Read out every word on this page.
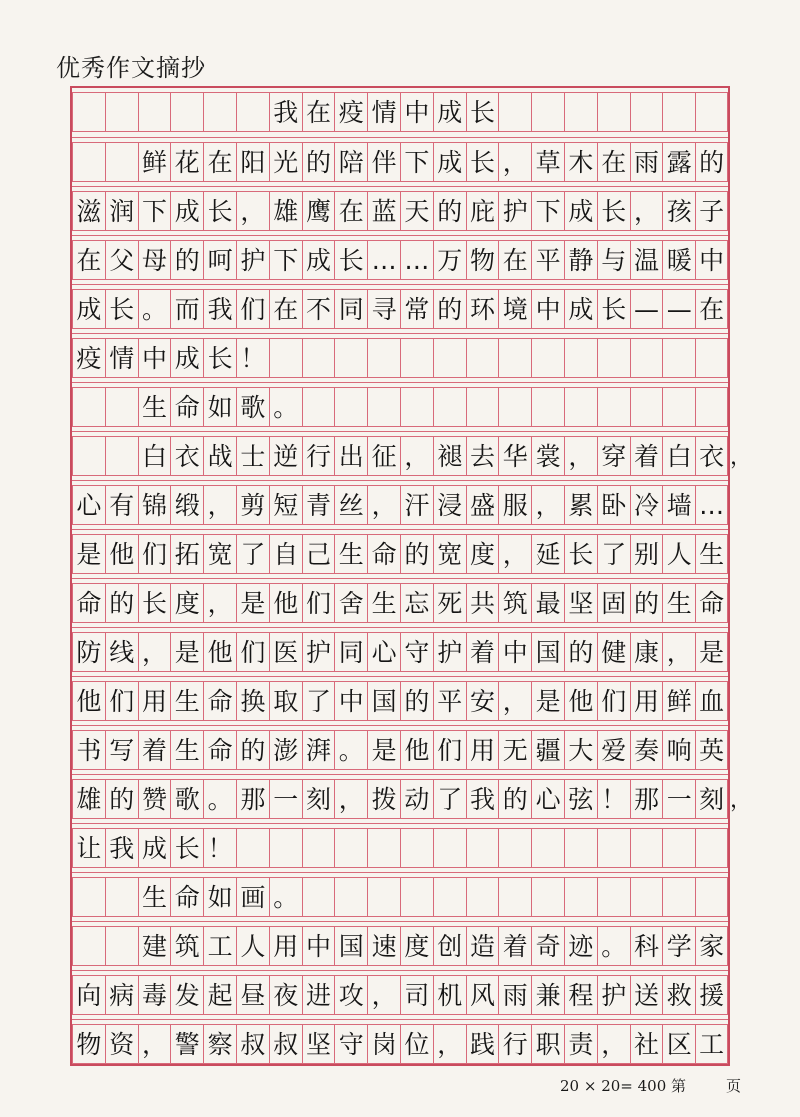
优秀作文摘抄
我 在 疫 情 中 成 长
鲜 花 在 阳 光 的 陪 伴 下 成 长 ， 草 木 在 雨 露 的
滋 润 下 成 长 ， 雄 鹰 在 蓝 天 的 庇 护 下 成 长 ， 孩 子
在 父 母 的 呵 护 下 成 长 … … 万 物 在 平 静 与 温 暖 中
成 长 。 而 我 们 在 不 同 寻 常 的 环 境 中 成 长 — — 在
疫 情 中 成 长 ！
生 命 如 歌 。
白 衣 战 士 逆 行 出 征 ， 褪 去 华 裳 ， 穿 着 白 衣 ，
心 有 锦 缎 ， 剪 短 青 丝 ， 汗 浸 盛 服 ， 累 卧 冷 墙 …
是 他 们 拓 宽 了 自 己 生 命 的 宽 度 ， 延 长 了 别 人 生
命 的 长 度 ， 是 他 们 舍 生 忘 死 共 筑 最 坚 固 的 生 命
防 线 ， 是 他 们 医 护 同 心 守 护 着 中 国 的 健 康 ， 是
他 们 用 生 命 换 取 了 中 国 的 平 安 ， 是 他 们 用 鲜 血
书 写 着 生 命 的 澎 湃 。 是 他 们 用 无 疆 大 爱 奏 响 英
雄 的 赞 歌 。 那 一 刻 ， 拨 动 了 我 的 心 弦 ！ 那 一 刻 ，
让 我 成 长 ！
生 命 如 画 。
建 筑 工 人 用 中 国 速 度 创 造 着 奇 迹 。 科 学 家
向 病 毒 发 起 昼 夜 进 攻 ， 司 机 风 雨 兼 程 护 送 救 援
物 资 ， 警 察 叔 叔 坚 守 岗 位 ， 践 行 职 责 ， 社 区 工
20 × 20= 400 第	页
